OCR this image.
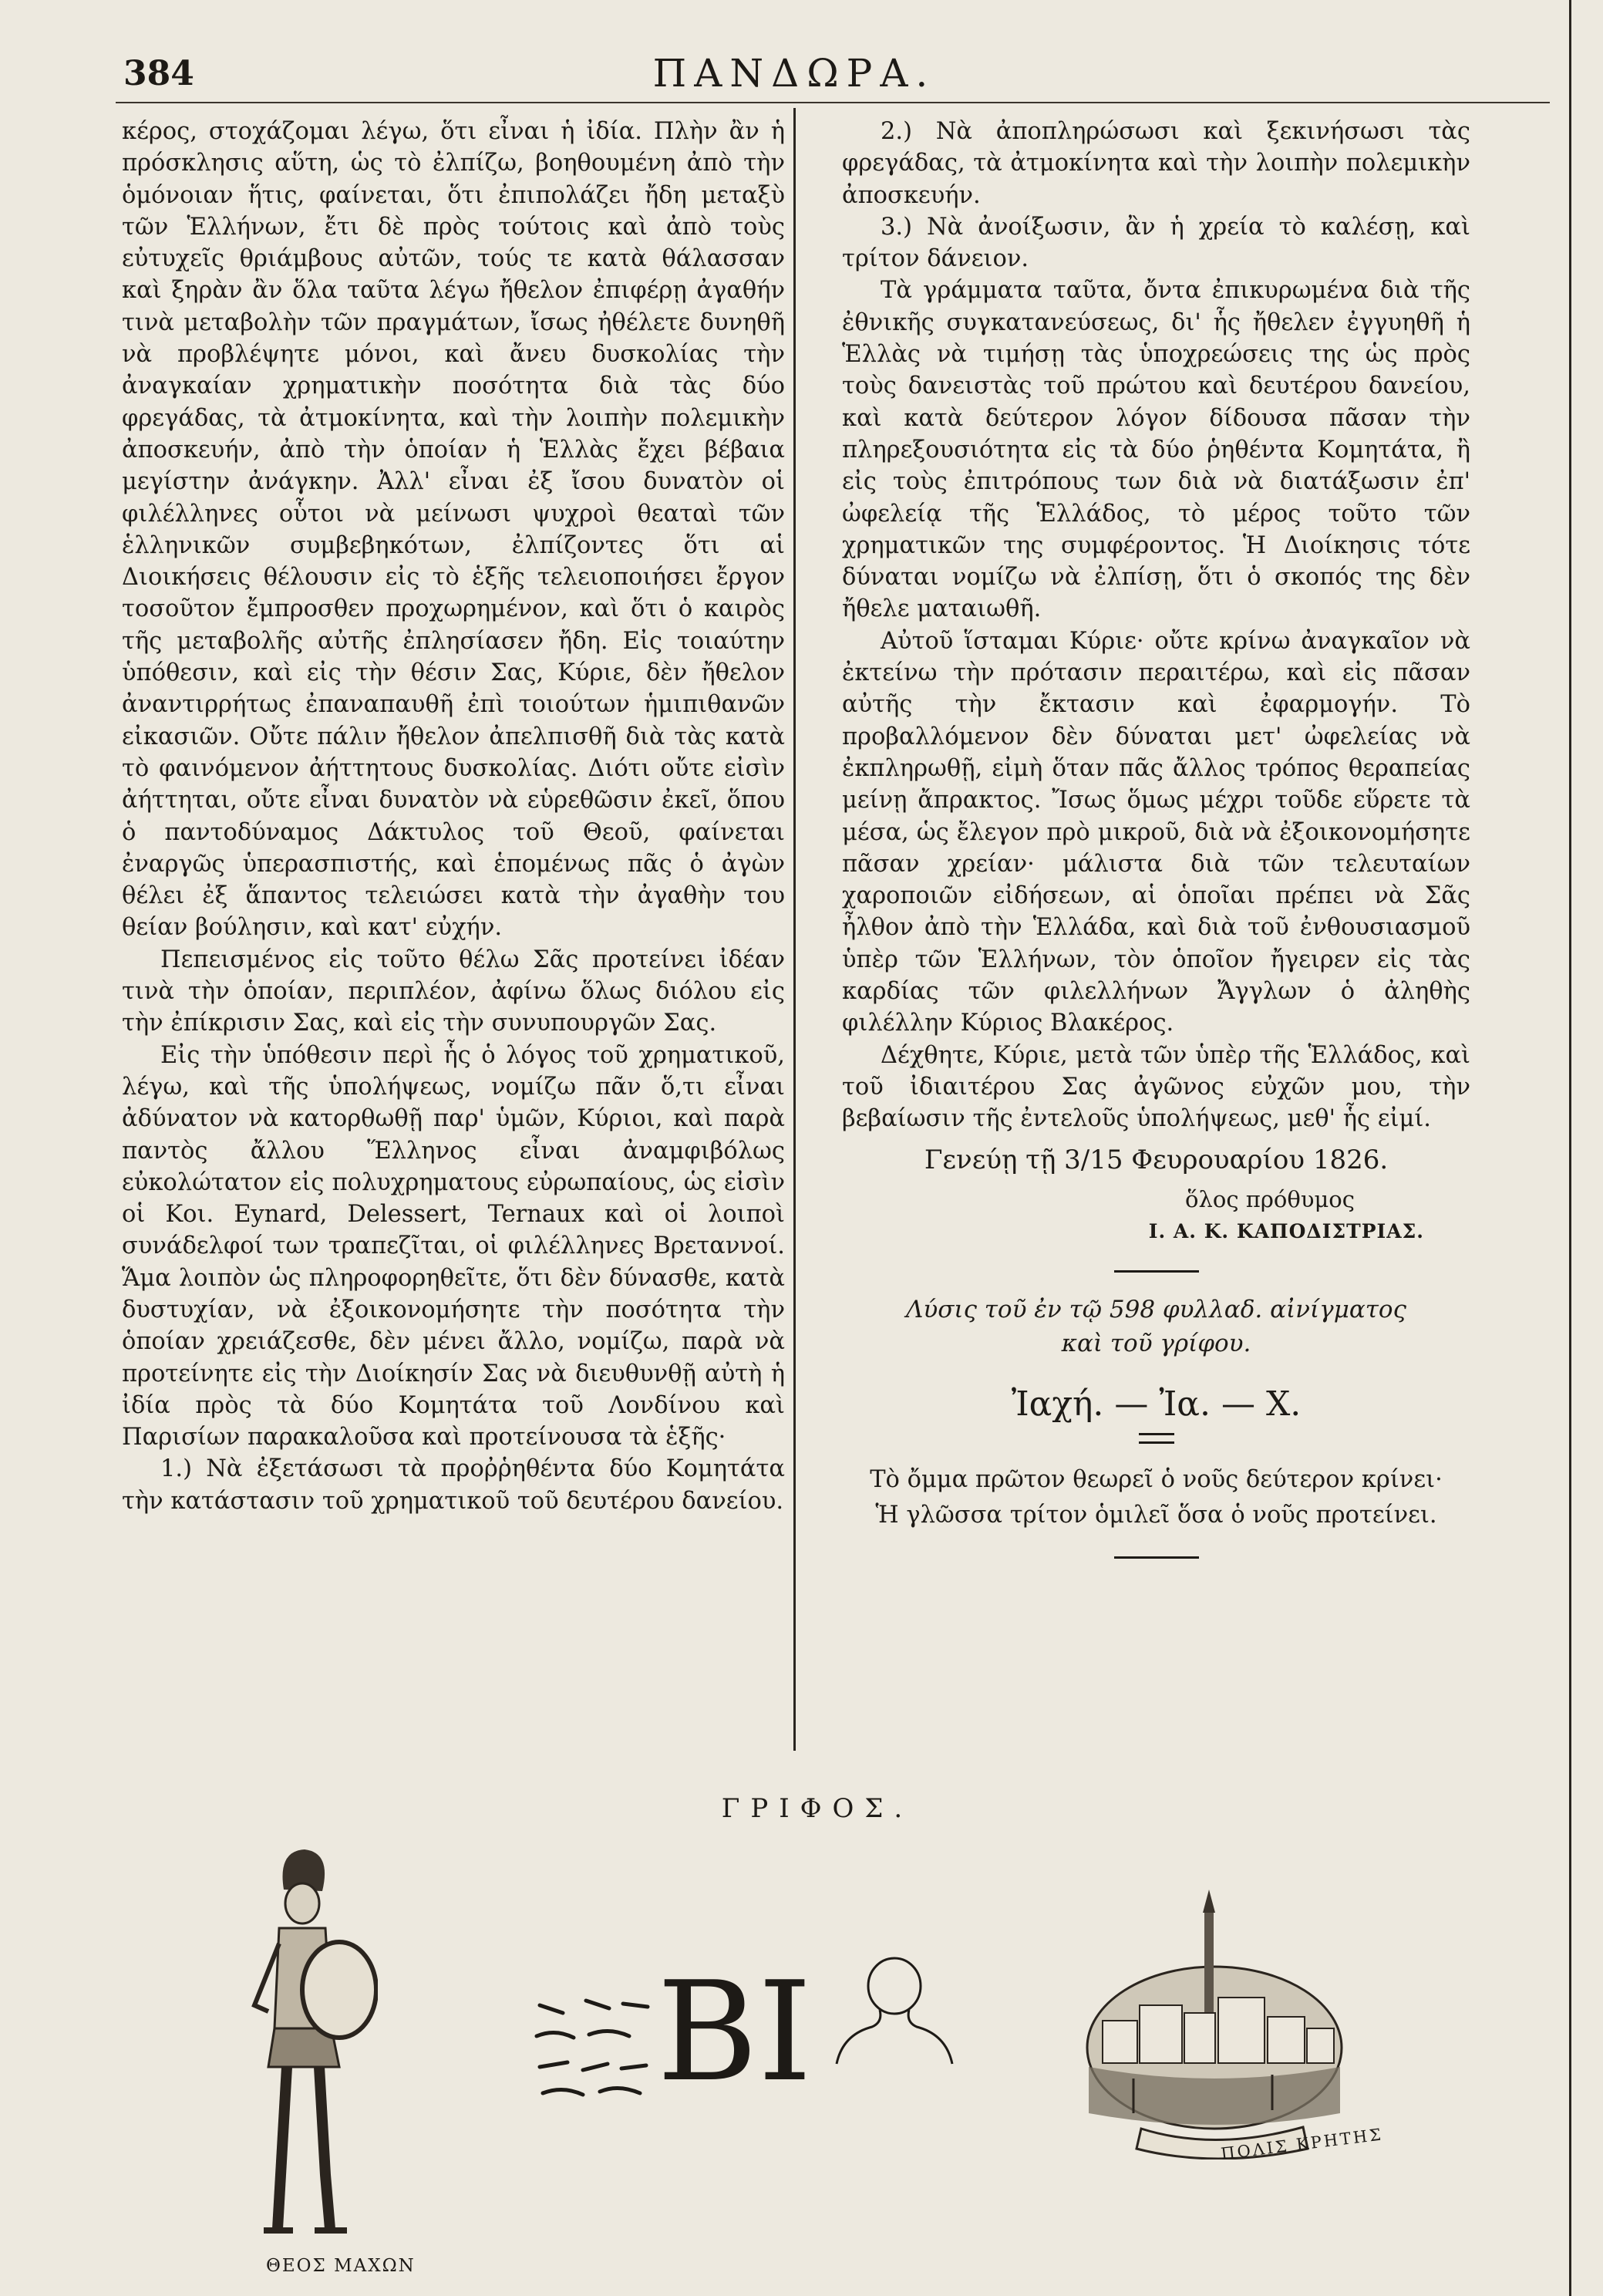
384	ΠΑΝΔΩΡΑ.

κέρος, στοχάζομαι λέγω, ὅτι εἶναι ἡ ἰδία. Πλὴν ἂν ἡ πρόσκλησις αὕτη, ὡς τὸ ἐλπίζω, βοηθουμένη ἀπὸ τὴν ὁμόνοιαν ἥτις, φαίνεται, ὅτι ἐπιπολάζει ἤδη μεταξὺ τῶν Ἑλλήνων, ἔτι δὲ πρὸς τούτοις καὶ ἀπὸ τοὺς εὐτυχεῖς θριάμβους αὐτῶν, τούς τε κατὰ θάλασσαν καὶ ξηρὰν ἂν ὅλα ταῦτα λέγω ἤθελον ἐπιφέρῃ ἀγαθήν τινὰ μεταβολὴν τῶν πραγμάτων, ἴσως ἠθέλετε δυνηθῆ νὰ προβλέψητε μόνοι, καὶ ἄνευ δυσκολίας τὴν ἀναγκαίαν χρηματικὴν ποσότητα διὰ τὰς δύο φρεγάδας, τὰ ἀτμοκίνητα, καὶ τὴν λοιπὴν πολεμικὴν ἀποσκευήν, ἀπὸ τὴν ὁποίαν ἡ Ἑλλὰς ἔχει βέβαια μεγίστην ἀνάγκην. Ἀλλ' εἶναι ἐξ ἴσου δυνατὸν οἱ φιλέλληνες οὗτοι νὰ μείνωσι ψυχροὶ θεαταὶ τῶν ἑλληνικῶν συμβεβηκότων, ἐλπίζοντες ὅτι αἱ Διοικήσεις θέλουσιν εἰς τὸ ἑξῆς τελειοποιήσει ἔργον τοσοῦτον ἔμπροσθεν προχωρημένον, καὶ ὅτι ὁ καιρὸς τῆς μεταβολῆς αὐτῆς ἐπλησίασεν ἤδη. Εἰς τοιαύτην ὑπόθεσιν, καὶ εἰς τὴν θέσιν Σας, Κύριε, δὲν ἤθελον ἀναντιρρήτως ἐπαναπαυθῆ ἐπὶ τοιούτων ἡμιπιθανῶν εἰκασιῶν. Οὔτε πάλιν ἤθελον ἀπελπισθῆ διὰ τὰς κατὰ τὸ φαινόμενον ἀήττητους δυσκολίας. Διότι οὔτε εἰσὶν ἀήττηται, οὔτε εἶναι δυνατὸν νὰ εὑρεθῶσιν ἐκεῖ, ὅπου ὁ παντοδύναμος Δάκτυλος τοῦ Θεοῦ, φαίνεται ἐναργῶς ὑπερασπιστής, καὶ ἑπομένως πᾶς ὁ ἀγὼν θέλει ἐξ ἅπαντος τελειώσει κατὰ τὴν ἀγαθὴν του θείαν βούλησιν, καὶ κατ' εὐχήν.

Πεπεισμένος εἰς τοῦτο θέλω Σᾶς προτείνει ἰδέαν τινὰ τὴν ὁποίαν, περιπλέον, ἀφίνω ὅλως διόλου εἰς τὴν ἐπίκρισιν Σας, καὶ εἰς τὴν συνυπουργῶν Σας.

Εἰς τὴν ὑπόθεσιν περὶ ἧς ὁ λόγος τοῦ χρηματικοῦ, λέγω, καὶ τῆς ὑπολήψεως, νομίζω πᾶν ὅ,τι εἶναι ἀδύνατον νὰ κατορθωθῇ παρ' ὑμῶν, Κύριοι, καὶ παρὰ παντὸς ἄλλου Ἕλληνος εἶναι ἀναμφιβόλως εὐκολώτατον εἰς πολυχρηματους εὐρωπαίους, ὡς εἰσὶν οἱ Κοι. Eynard, Delessert, Ternaux καὶ οἱ λοιποὶ συνάδελφοί των τραπεζῖται, οἱ φιλέλληνες Βρεταννοί. Ἅμα λοιπὸν ὡς πληροφορηθεῖτε, ὅτι δὲν δύνασθε, κατὰ δυστυχίαν, νὰ ἐξοικονομήσητε τὴν ποσότητα τὴν ὁποίαν χρειάζεσθε, δὲν μένει ἄλλο, νομίζω, παρὰ νὰ προτείνητε εἰς τὴν Διοίκησίν Σας νὰ διευθυνθῇ αὐτὴ ἡ ἰδία πρὸς τὰ δύο Κομητάτα τοῦ Λονδίνου καὶ Παρισίων παρακαλοῦσα καὶ προτείνουσα τὰ ἑξῆς·

1.) Νὰ ἐξετάσωσι τὰ προῤῥηθέντα δύο Κομητάτα τὴν κατάστασιν τοῦ χρηματικοῦ τοῦ δευτέρου δανείου.

2.) Νὰ ἀποπληρώσωσι καὶ ξεκινήσωσι τὰς φρεγάδας, τὰ ἀτμοκίνητα καὶ τὴν λοιπὴν πολεμικὴν ἀποσκευήν.

3.) Νὰ ἀνοίξωσιν, ἂν ἡ χρεία τὸ καλέσῃ, καὶ τρίτον δάνειον.

Τὰ γράμματα ταῦτα, ὄντα ἐπικυρωμένα διὰ τῆς ἐθνικῆς συγκατανεύσεως, δι' ἧς ἤθελεν ἐγγυηθῆ ἡ Ἑλλὰς νὰ τιμήσῃ τὰς ὑποχρεώσεις της ὡς πρὸς τοὺς δανειστὰς τοῦ πρώτου καὶ δευτέρου δανείου, καὶ κατὰ δεύτερον λόγον δίδουσα πᾶσαν τὴν πληρεξουσιότητα εἰς τὰ δύο ῥηθέντα Κομητάτα, ἢ εἰς τοὺς ἐπιτρόπους των διὰ νὰ διατάξωσιν ἐπ' ὠφελείᾳ τῆς Ἑλλάδος, τὸ μέρος τοῦτο τῶν χρηματικῶν της συμφέροντος. Ἡ Διοίκησις τότε δύναται νομίζω νὰ ἐλπίσῃ, ὅτι ὁ σκοπός της δὲν ἤθελε ματαιωθῆ.

Αὐτοῦ ἵσταμαι Κύριε· οὔτε κρίνω ἀναγκαῖον νὰ ἐκτείνω τὴν πρότασιν περαιτέρω, καὶ εἰς πᾶσαν αὐτῆς τὴν ἔκτασιν καὶ ἐφαρμογήν. Τὸ προβαλλόμενον δὲν δύναται μετ' ὠφελείας νὰ ἐκπληρωθῇ, εἰμὴ ὅταν πᾶς ἄλλος τρόπος θεραπείας μείνῃ ἄπρακτος. Ἴσως ὅμως μέχρι τοῦδε εὕρετε τὰ μέσα, ὡς ἔλεγον πρὸ μικροῦ, διὰ νὰ ἐξοικονομήσητε πᾶσαν χρείαν· μάλιστα διὰ τῶν τελευταίων χαροποιῶν εἰδήσεων, αἱ ὁποῖαι πρέπει νὰ Σᾶς ἦλθον ἀπὸ τὴν Ἑλλάδα, καὶ διὰ τοῦ ἐνθουσιασμοῦ ὑπὲρ τῶν Ἑλλήνων, τὸν ὁποῖον ἤγειρεν εἰς τὰς καρδίας τῶν φιλελλήνων Ἄγγλων ὁ ἀληθὴς φιλέλλην Κύριος Βλακέρος.

Δέχθητε, Κύριε, μετὰ τῶν ὑπὲρ τῆς Ἑλλάδος, καὶ τοῦ ἰδιαιτέρου Σας ἀγῶνος εὐχῶν μου, τὴν βεβαίωσιν τῆς ἐντελοῦς ὑπολήψεως, μεθ' ἧς εἰμί.

Γενεύῃ τῇ 3/15 Φευρουαρίου 1826.

ὅλος πρόθυμος

Ι. Α. Κ. ΚΑΠΟΔΙΣΤΡΙΑΣ.

Λύσις τοῦ ἐν τῷ 598 φυλλαδ. αἰνίγματος

καὶ τοῦ γρίφου.

Ἰαχή. — Ἰα. — Χ.

Τὸ ὄμμα πρῶτον θεωρεῖ ὁ νοῦς δεύτερον κρίνει·

Ἡ γλῶσσα τρίτον ὁμιλεῖ ὅσα ὁ νοῦς προτείνει.

ΓΡΙΦΟΣ.
ΘΕΟΣ ΜΑΧΩΝ
BI
ΠΟΛΙΣ ΚΡΗΤΗΣ
